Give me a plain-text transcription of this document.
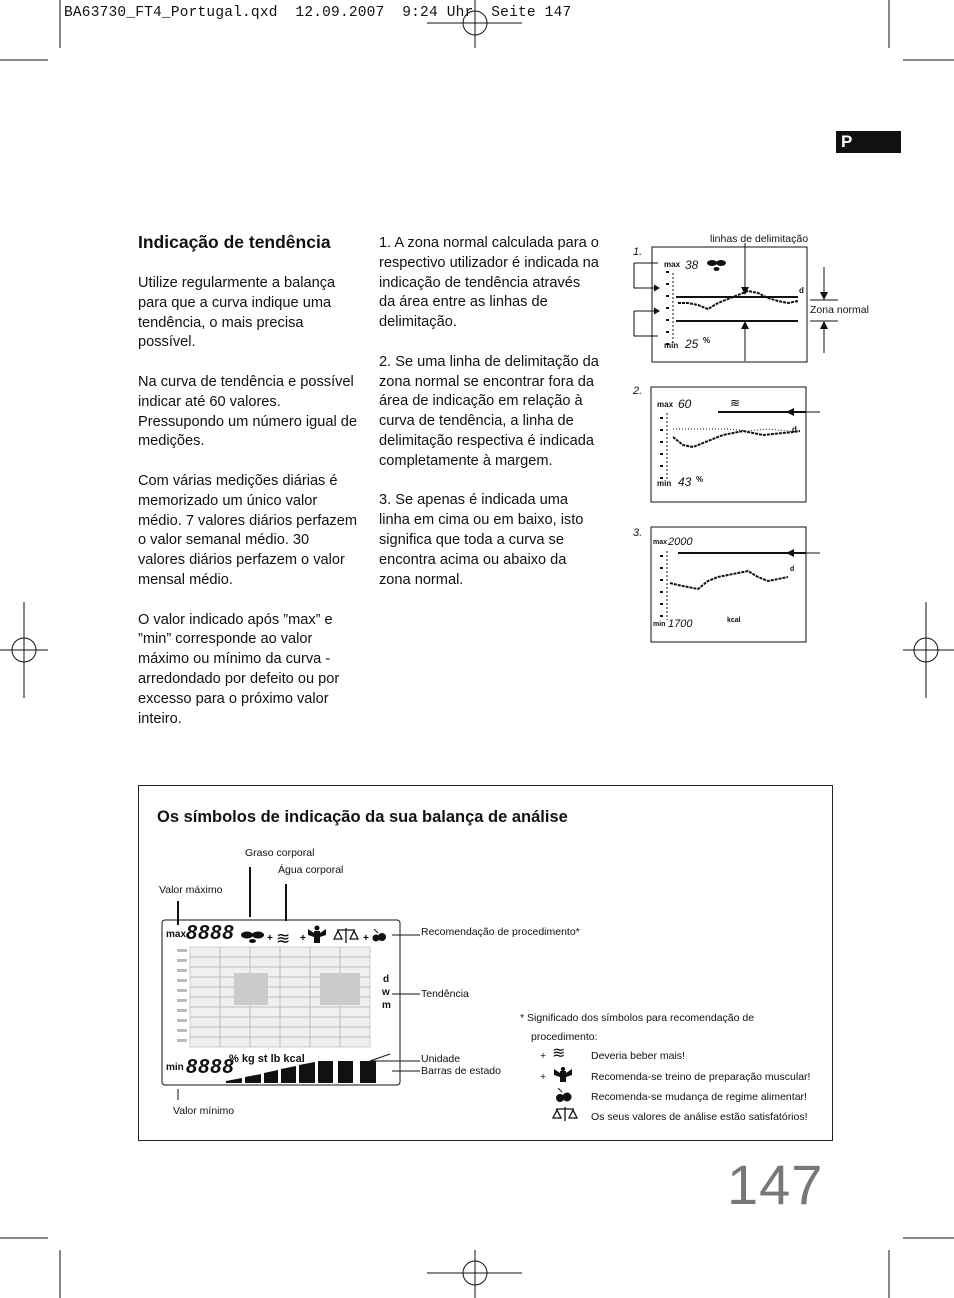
BA63730_FT4_Portugal.qxd  12.09.2007  9:24 Uhr  Seite 147
P
Indicação de tendência

Utilize regularmente a balança para que a curva indique uma tendência, o mais precisa possível.

Na curva de tendência e possível indicar até 60 valores. Pressupondo um número igual de medições.

Com várias medições diárias é memorizado um único valor médio. 7 valores diários perfazem o valor semanal médio. 30 valores diários perfazem o valor mensal médio.

O valor indicado após ”max” e ”min” corresponde ao valor máximo ou mínimo da curva - arredondado por defeito ou por excesso para o próximo valor inteiro.

1. A zona normal calculada para o respectivo utilizador é indicada na indicação de tendência através da área entre as linhas de delimitação.

2. Se uma linha de delimitação da zona normal se encontrar fora da área de indicação em relação à curva de tendência, a linha de delimitação respectiva é indicada completamente à margem.

3. Se apenas é indicada uma linha em cima ou em baixo, isto significa que toda a curva se encontra acima ou abaixo da zona normal.

1.
linhas de delimitação
Zona normal
max 38
min 25 %
d
2.
≋
max 60
min 43 %
d
3.
max 2000
min 1700	kcal
d
Os símbolos de indicação da sua balança de análise
Graso corporal
Água corporal
Valor máximo
Recomendação de procedimento*
Tendência
Unidade
Barras de estado
Valor mínimo
+ ≋ +	+
max 8888
min 8888
% kg st lb kcal
d
w
m
* Significado dos símbolos para recomendação de
procedimento:
+ ≋ Deveria beber mais!
+	Recomenda-se treino de preparação muscular!
Recomenda-se mudança de regime alimentar!
Os seus valores de análise estão satisfatórios!
147
